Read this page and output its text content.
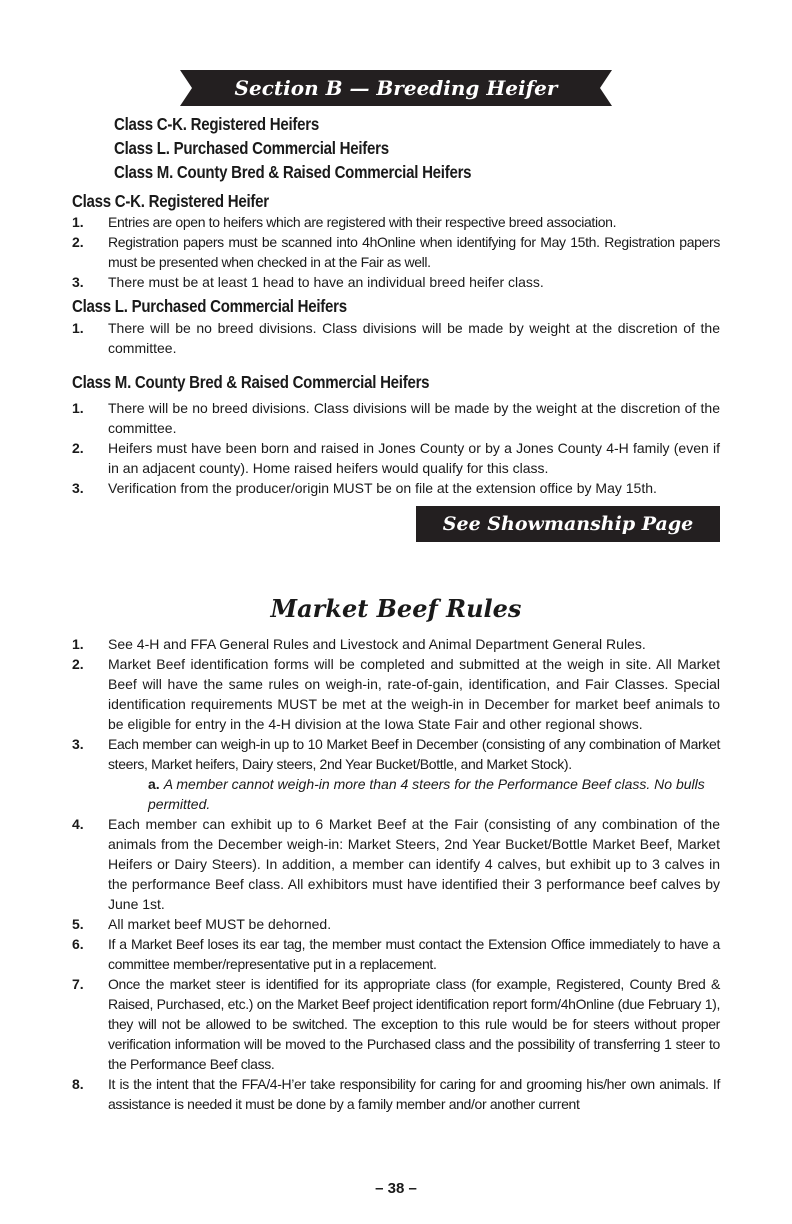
Section B — Breeding Heifer
Class C-K. Registered Heifers
Class L. Purchased Commercial Heifers
Class M. County Bred & Raised Commercial Heifers
Class C-K. Registered Heifer
1. Entries are open to heifers which are registered with their respective breed association.
2. Registration papers must be scanned into 4hOnline when identifying for May 15th. Registration papers must be presented when checked in at the Fair as well.
3. There must be at least 1 head to have an individual breed heifer class.
Class L. Purchased Commercial Heifers
1. There will be no breed divisions. Class divisions will be made by weight at the discretion of the committee.
Class M. County Bred & Raised Commercial Heifers
1. There will be no breed divisions. Class divisions will be made by the weight at the discretion of the committee.
2. Heifers must have been born and raised in Jones County or by a Jones County 4-H family (even if in an adjacent county). Home raised heifers would qualify for this class.
3. Verification from the producer/origin MUST be on file at the extension office by May 15th.
See Showmanship Page
Market Beef Rules
1. See 4-H and FFA General Rules and Livestock and Animal Department General Rules.
2. Market Beef identification forms will be completed and submitted at the weigh in site. All Market Beef will have the same rules on weigh-in, rate-of-gain, identification, and Fair Classes. Special identification requirements MUST be met at the weigh-in in December for market beef animals to be eligible for entry in the 4-H division at the Iowa State Fair and other regional shows.
3. Each member can weigh-in up to 10 Market Beef in December (consisting of any combination of Market steers, Market heifers, Dairy steers, 2nd Year Bucket/Bottle, and Market Stock).
a. A member cannot weigh-in more than 4 steers for the Performance Beef class. No bulls permitted.
4. Each member can exhibit up to 6 Market Beef at the Fair (consisting of any combination of the animals from the December weigh-in: Market Steers, 2nd Year Bucket/Bottle Market Beef, Market Heifers or Dairy Steers). In addition, a member can identify 4 calves, but exhibit up to 3 calves in the performance Beef class. All exhibitors must have identified their 3 performance beef calves by June 1st.
5. All market beef MUST be dehorned.
6. If a Market Beef loses its ear tag, the member must contact the Extension Office immediately to have a committee member/representative put in a replacement.
7. Once the market steer is identified for its appropriate class (for example, Registered, County Bred & Raised, Purchased, etc.) on the Market Beef project identification report form/4hOnline (due February 1), they will not be allowed to be switched. The exception to this rule would be for steers without proper verification information will be moved to the Purchased class and the possibility of transferring 1 steer to the Performance Beef class.
8. It is the intent that the FFA/4-H’er take responsibility for caring for and grooming his/her own animals. If assistance is needed it must be done by a family member and/or another current
– 38 –
